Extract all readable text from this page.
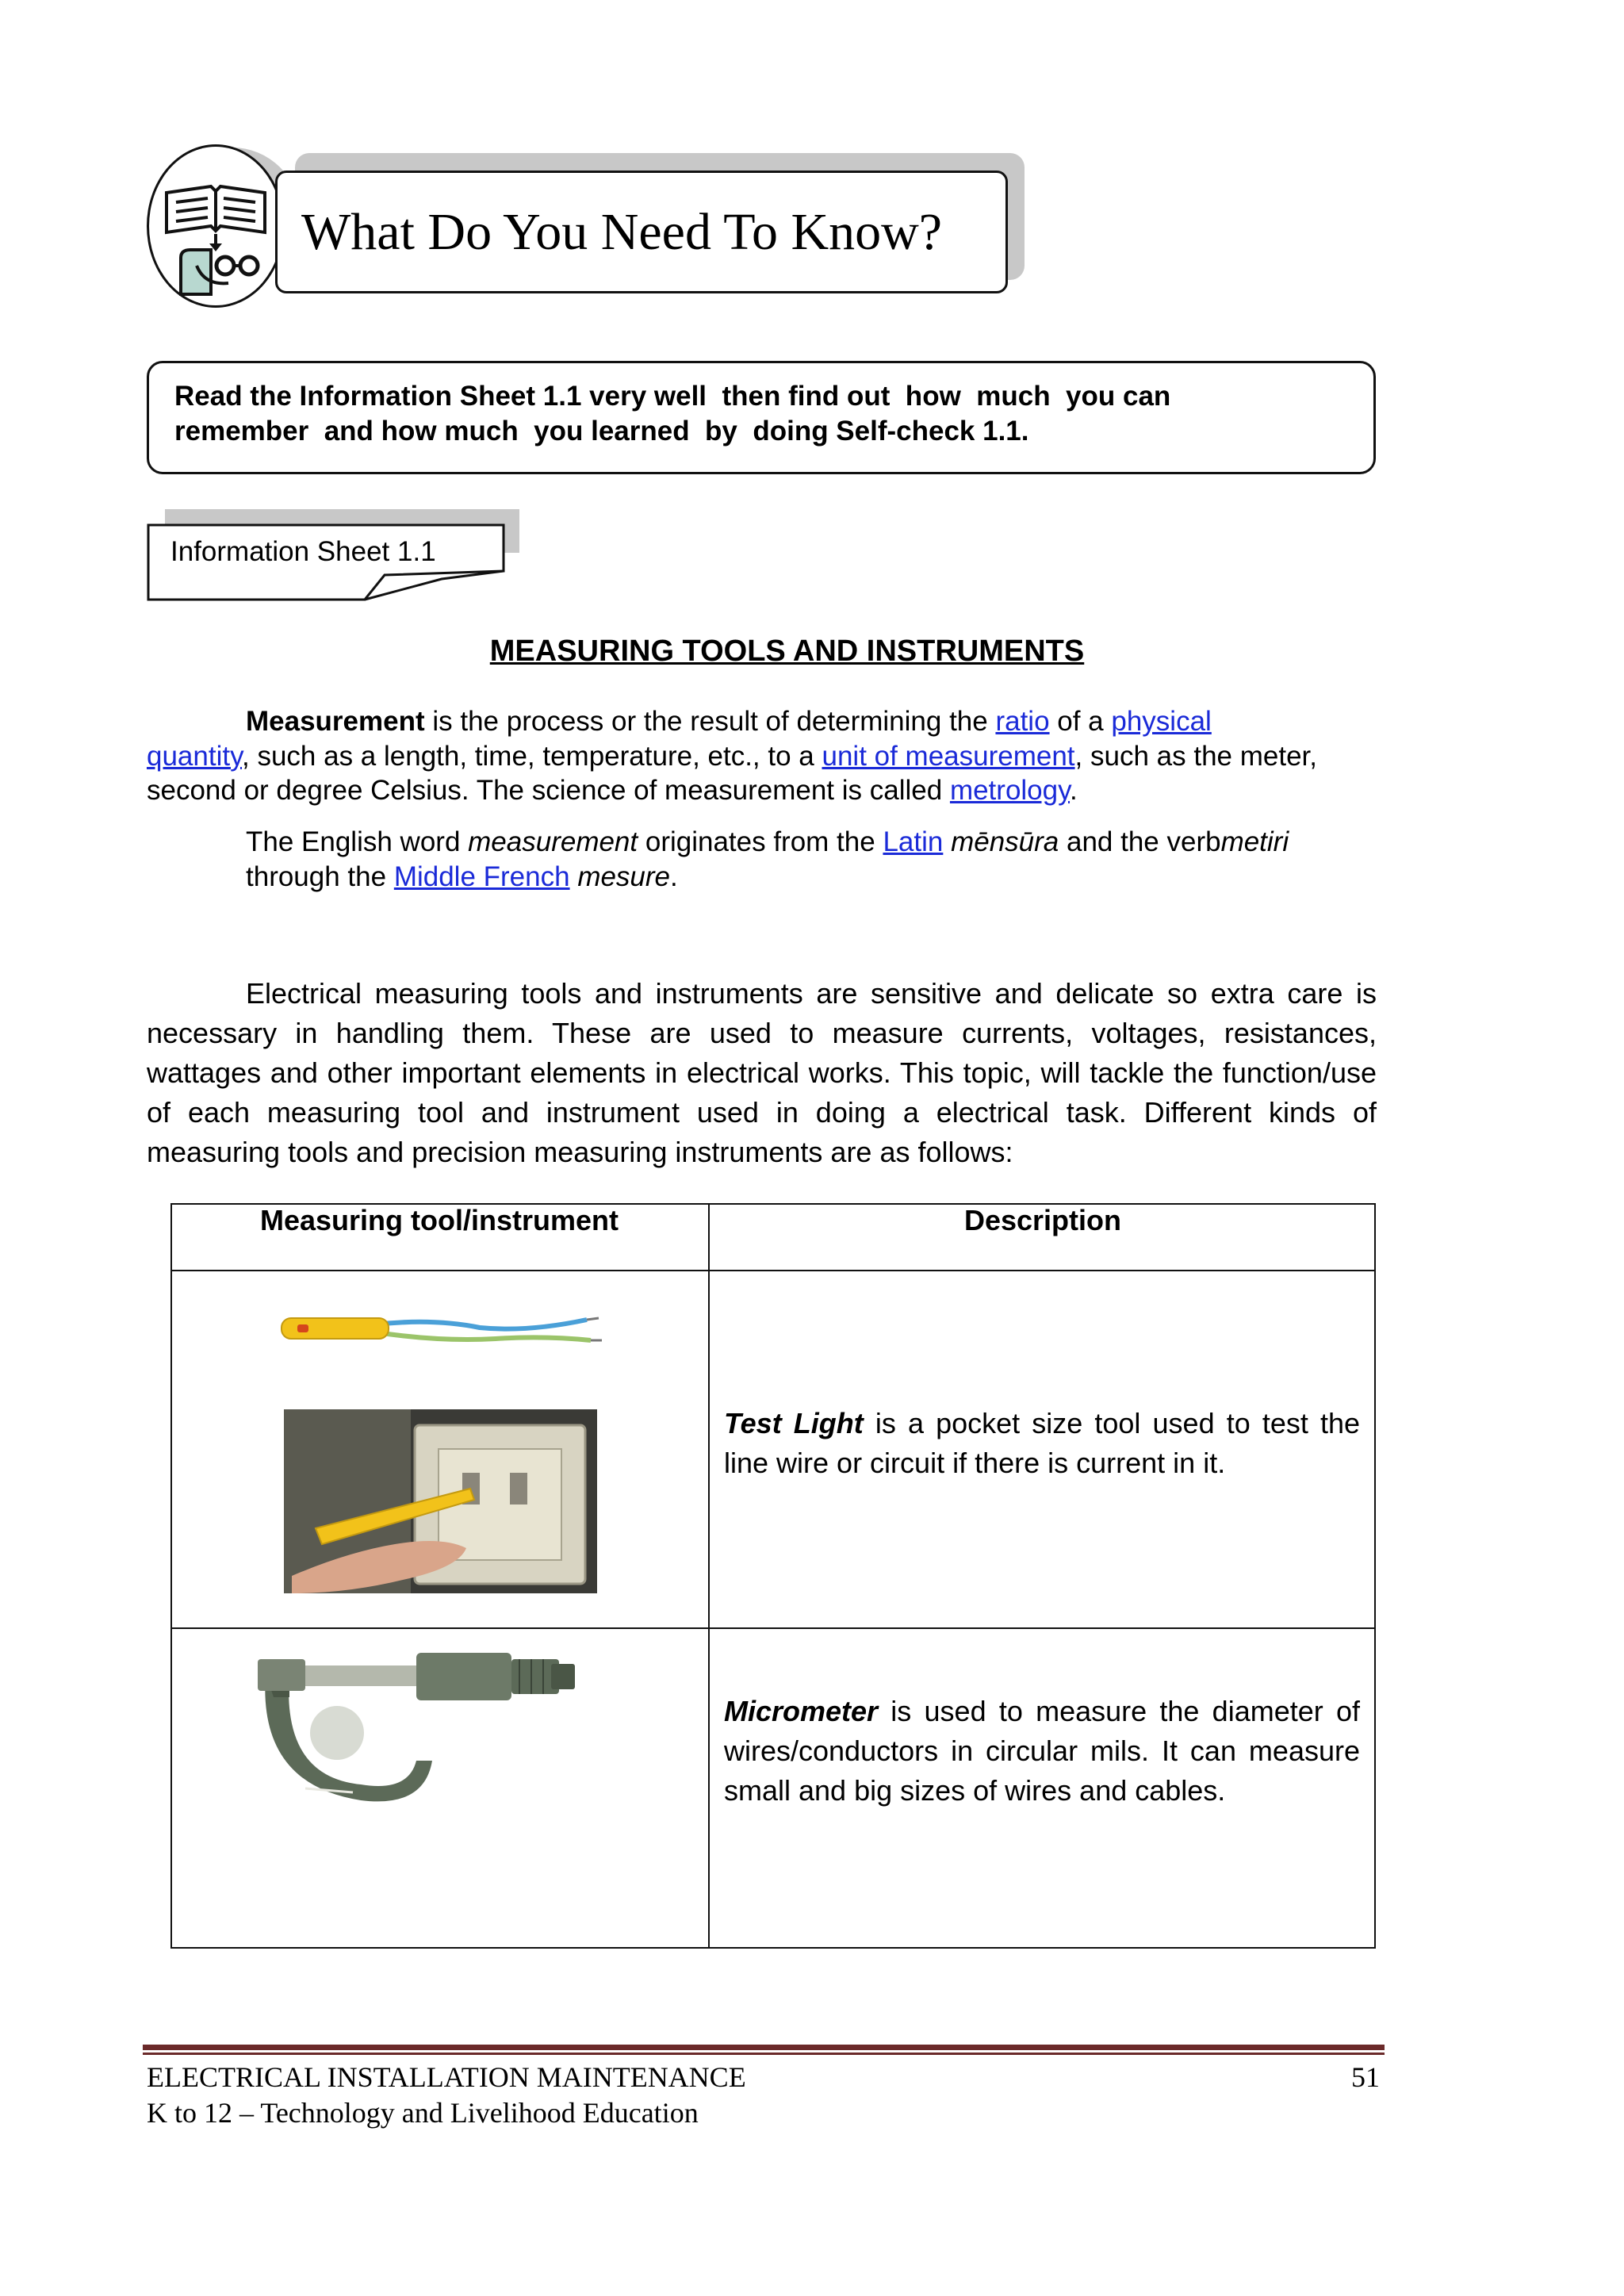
What Do You Need To Know?
Read the Information Sheet 1.1 very well  then find out  how  much  you can
remember  and how much  you learned  by  doing Self-check 1.1.
Information Sheet 1.1
MEASURING TOOLS AND INSTRUMENTS
Measurement is the process or the result of determining the ratio of a physical
quantity, such as a length, time, temperature, etc., to a unit of measurement, such as the meter, second or degree Celsius. The science of measurement is called metrology.
The English word measurement originates from the Latin mēnsūra and the verbmetiri through the Middle French mesure.
Electrical measuring tools and instruments are sensitive and delicate so extra care is necessary in handling them. These are used to measure currents, voltages, resistances, wattages and other important elements in electrical works. This topic, will tackle the function/use of each measuring tool and instrument used in doing a electrical task. Different kinds of measuring tools and precision measuring instruments are as follows:
Measuring tool/instrument	Description
Test Light is a pocket size tool used to test the line wire or circuit if there is current in it.
Micrometer is used to measure the diameter of wires/conductors in circular mils. It can measure small and big sizes of wires and cables.
ELECTRICAL INSTALLATION MAINTENANCE
K to 12 – Technology and Livelihood Education
51
